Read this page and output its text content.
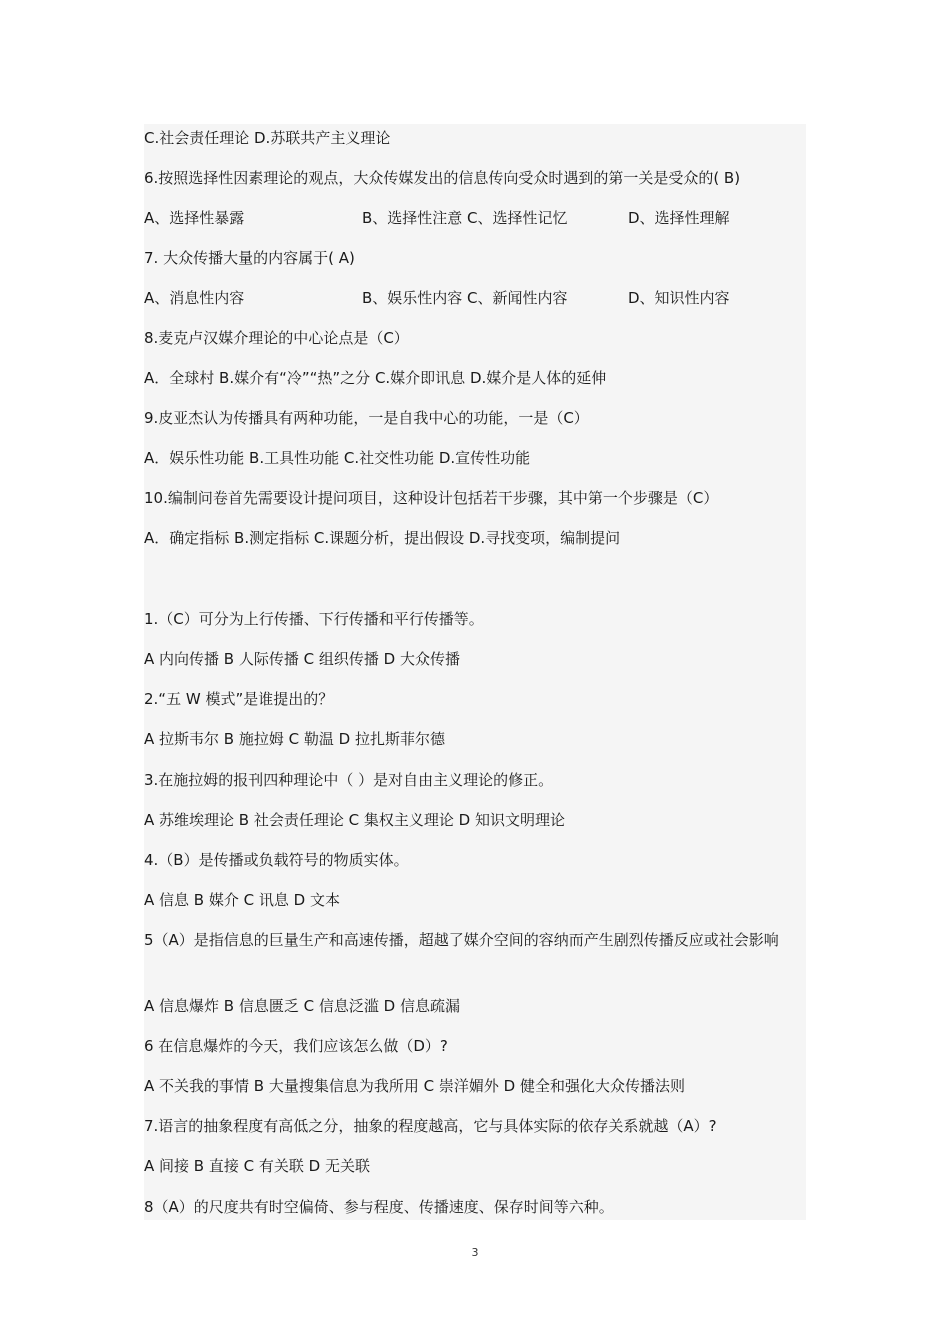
C.社会责任理论 D.苏联共产主义理论
6.按照选择性因素理论的观点，大众传媒发出的信息传向受众时遇到的第一关是受众的( B)
A、选择性暴露	B、选择性注意 C、选择性记忆	D、选择性理解
7. 大众传播大量的内容属于( A)
A、消息性内容	B、娱乐性内容 C、新闻性内容	D、知识性内容
8.麦克卢汉媒介理论的中心论点是（C）
A．全球村 B.媒介有“冷”“热”之分 C.媒介即讯息 D.媒介是人体的延伸
9.皮亚杰认为传播具有两种功能，一是自我中心的功能，一是（C）
A．娱乐性功能 B.工具性功能 C.社交性功能 D.宣传性功能
10.编制问卷首先需要设计提问项目，这种设计包括若干步骤，其中第一个步骤是（C）
A．确定指标 B.测定指标 C.课题分析，提出假设 D.寻找变项，编制提问
1.（C）可分为上行传播、下行传播和平行传播等。
A 内向传播 B 人际传播 C 组织传播 D 大众传播
2.“五 W 模式”是谁提出的？
A 拉斯韦尔 B 施拉姆 C 勒温 D 拉扎斯菲尔德
3.在施拉姆的报刊四种理论中（ ）是对自由主义理论的修正。
A 苏维埃理论 B 社会责任理论 C 集权主义理论 D 知识文明理论
4.（B）是传播或负载符号的物质实体。
A 信息 B 媒介 C 讯息 D 文本
5（A）是指信息的巨量生产和高速传播，超越了媒介空间的容纳而产生剧烈传播反应或社会影响
A 信息爆炸 B 信息匮乏 C 信息泛滥 D 信息疏漏
6 在信息爆炸的今天，我们应该怎么做（D）?
A 不关我的事情 B 大量搜集信息为我所用 C 崇洋媚外 D 健全和强化大众传播法则
7.语言的抽象程度有高低之分，抽象的程度越高，它与具体实际的依存关系就越（A）?
A 间接 B 直接 C 有关联 D 无关联
8（A）的尺度共有时空偏倚、参与程度、传播速度、保存时间等六种。
3
